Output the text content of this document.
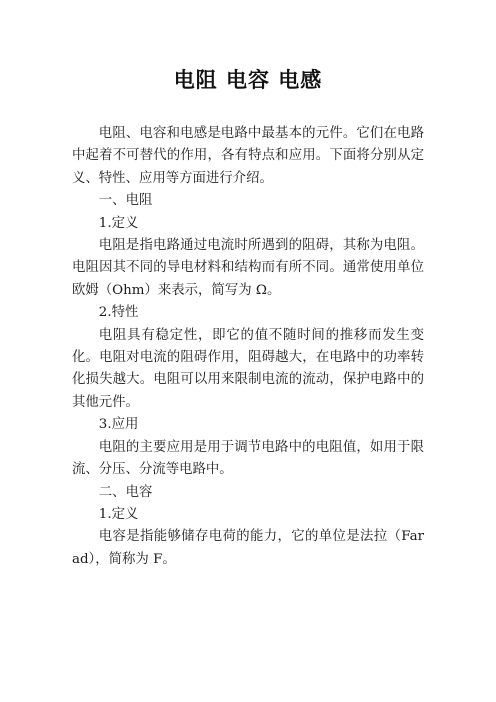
电阻 电容 电感

电阻、电容和电感是电路中最基本的元件。它们在电路中起着不可替代的作用，各有特点和应用。下面将分别从定义、特性、应用等方面进行介绍。

一、电阻

1.定义

电阻是指电路通过电流时所遇到的阻碍，其称为电阻。电阻因其不同的导电材料和结构而有所不同。通常使用单位欧姆（Ohm）来表示，简写为 Ω。

2.特性

电阻具有稳定性，即它的值不随时间的推移而发生变化。电阻对电流的阻碍作用，阻碍越大，在电路中的功率转化损失越大。电阻可以用来限制电流的流动，保护电路中的其他元件。

3.应用

电阻的主要应用是用于调节电路中的电阻值，如用于限流、分压、分流等电路中。

二、电容

1.定义

电容是指能够储存电荷的能力，它的单位是法拉（Farad），简称为 F。
